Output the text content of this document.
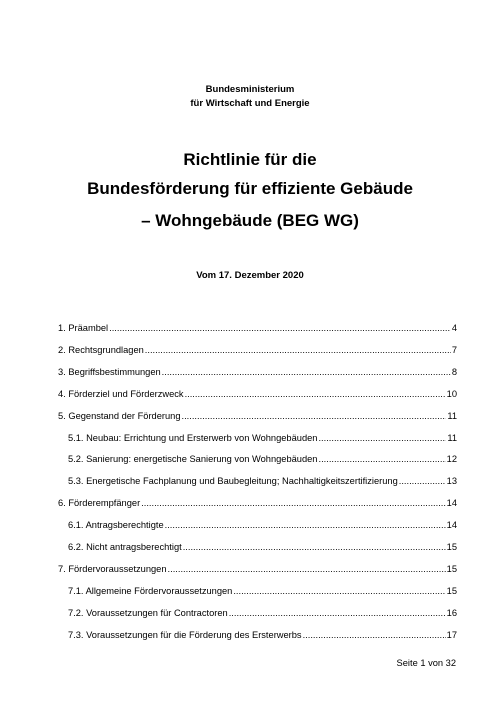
Bundesministerium
für Wirtschaft und Energie
Richtlinie für die
Bundesförderung für effiziente Gebäude
– Wohngebäude (BEG WG)
Vom 17. Dezember 2020
1. Präambel .....	4
2. Rechtsgrundlagen .....	7
3. Begriffsbestimmungen .....	8
4. Förderziel und Förderzweck .....	10
5. Gegenstand der Förderung .....	11
5.1. Neubau: Errichtung und Ersterwerb von Wohngebäuden .....	11
5.2. Sanierung: energetische Sanierung von Wohngebäuden .....	12
5.3. Energetische Fachplanung und Baubegleitung; Nachhaltigkeitszertifizierung .....	13
6. Förderempfänger .....	14
6.1. Antragsberechtigte .....	14
6.2. Nicht antragsberechtigt .....	15
7. Fördervoraussetzungen .....	15
7.1. Allgemeine Fördervoraussetzungen .....	15
7.2. Voraussetzungen für Contractoren .....	16
7.3. Voraussetzungen für die Förderung des Ersterwerbs .....	17
Seite 1 von 32
